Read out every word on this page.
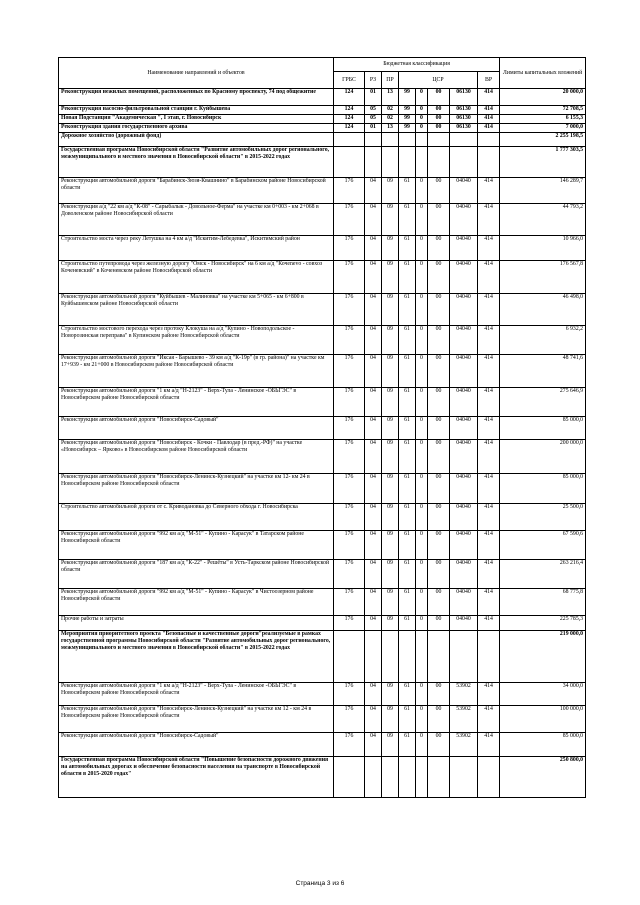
Наименование направлений и объектов	Бюджетная классификация								Лимиты капитальных вложений
	ГРБС	РЗ	ПР	ЦСР				ВР	
Реконструкция нежилых помещений, расположенных по Красному проспекту, 74 под общежитие	124	01	13	99	0	00	06130	414	20 000,0
Реконструкция насосно-фильтровальной станции г. Куйбышева	124	05	02	99	0	00	06130	414	72 708,5
Новая Подстанция "Академическая ", I этап, г. Новосибирск	124	05	02	99	0	00	06130	414	6 155,3
Реконструкция здания государственного архива	124	01	13	99	0	00	06130	414	7 000,0
Дорожное хозяйство (дорожный фонд)									2 255 198,5
Государственная программа Новосибирской области "Развитие автомобильных дорог регионального, межмуниципального и местного значения в Новосибирской области" в 2015-2022 годах									1 777 303,5
Реконструкция автомобильной дороги "Барабинск-Зюзя-Квашнино" в Барабинском районе Новосибирской области	176	04	09	61	0	00	04040	414	146 289,7
Реконструкция а/д "22 км а/д "К-08" - Сарыбалык - Довольное-Ферма" на участке км 0+003 - км 2+068 в Доволенском районе Новосибирской области	176	04	09	61	0	00	04040	414	44 793,2
Строительство моста через реку Летушка на 4 км а/д "Искитим-Лебедевка", Искитимский район	176	04	09	61	0	00	04040	414	10 966,0
Строительство путепровода через железную дорогу "Омск - Новосибирск" на 6 км а/д "Кочenevo - совхоз Кочeневский" в Коченевском районе Новосибирской области	176	04	09	61	0	00	04040	414	176 567,8
Реконструкция автомобильной дороги "Куйбышев - Малиновка" на участке км 5+065 - км 6+800 в Куйбышевском районе Новосибирской области	176	04	09	61	0	00	04040	414	46 498,0
Строительство мостового перехода через протоку Клокуша на а/д "Купино - Новоподольское - Новорозинская переправа" в Купинском районе Новосибирской области	176	04	09	61	0	00	04040	414	6 932,2
Реконструкция автомобильной дороги "Иксая - Барышево - 39 км а/д "К-19р" (в гр. района)" на участке км 17+939 - км 21+000 в Новосибирском районе Новосибирской области	176	04	09	61	0	00	04040	414	48 741,6
Реконструкция автомобильной дороги "1 км а/д "Н-2123" - Верх-Тула - Ленинское -ОБЬГЭС" в Новосибирском районе Новосибирской области	176	04	09	61	0	00	04040	414	275 646,9
Реконструкция автомобильной дороги "Новосибирск-Садовый"	176	04	09	61	0	00	04040	414	85 000,0
Реконструкция автомобильной дороги "Новосибирск - Кочки - Павлодар (в пред.-РФ)" на участке «Новосибирск – Ярково» в Новосибирском районе Новосибирской области	176	04	09	61	0	00	04040	414	200 000,0
Реконструкция автомобильной дороги "Новосибирск-Ленинск-Кузнецкий" на участке км 12- км 24 в Новосибирском районе Новосибирской области	176	04	09	61	0	00	04040	414	85 000,0
Строительство автомобильной дороги от с. Криводановка до Северного обхода г. Новосибирска	176	04	09	61	0	00	04040	414	25 500,0
Реконструкция автомобильной дороги "992 км а/д "М-51" - Купино - Карасук" в Татарском районе Новосибирской области	176	04	09	61	0	00	04040	414	67 590,6
Реконструкция автомобильной дороги "187 км а/д "К-22" - Решёты" в Усть-Таркском районе Новосибирской области	176	04	09	61	0	00	04040	414	263 216,4
Реконструкция автомобильной дороги "992 км а/д "М-51" - Купино - Карасук" в Чистоозерном районе Новосибирской области	176	04	09	61	0	00	04040	414	68 775,8
Прочие работы и затраты	176	04	09	61	0	00	04040	414	225 785,3
Мероприятия приоритетного проекта "Безопасные и качественные дороги"реализуемые в рамках государственной программы Новосибирской области "Развитие автомобильных дорог регионального, межмуниципального и местного значения в Новосибирской области" в 2015-2022 годах									219 000,0
Реконструкция автомобильной дороги "1 км а/д "Н-2123" - Верх-Тула - Ленинское -ОБЬГЭС" в Новосибирском районе Новосибирской области	176	04	09	61	0	00	53902	414	34 000,0
Реконструкция автомобильной дороги "Новосибирск-Ленинск-Кузнецкий" на участке км 12 - км 24 в Новосибирском районе Новосибирской области	176	04	09	61	0	00	53902	414	100 000,0
Реконструкция автомобильной дороги "Новосибирск-Садовый"	176	04	09	61	0	00	53902	414	85 000,0
Государственная программа Новосибирской области "Повышение безопасности дорожного движения на автомобильных дорогах и обеспечение безопасности населения на транспорте в Новосибирской области в 2015-2020 годах"									250 800,0
Страница 3 из 6
